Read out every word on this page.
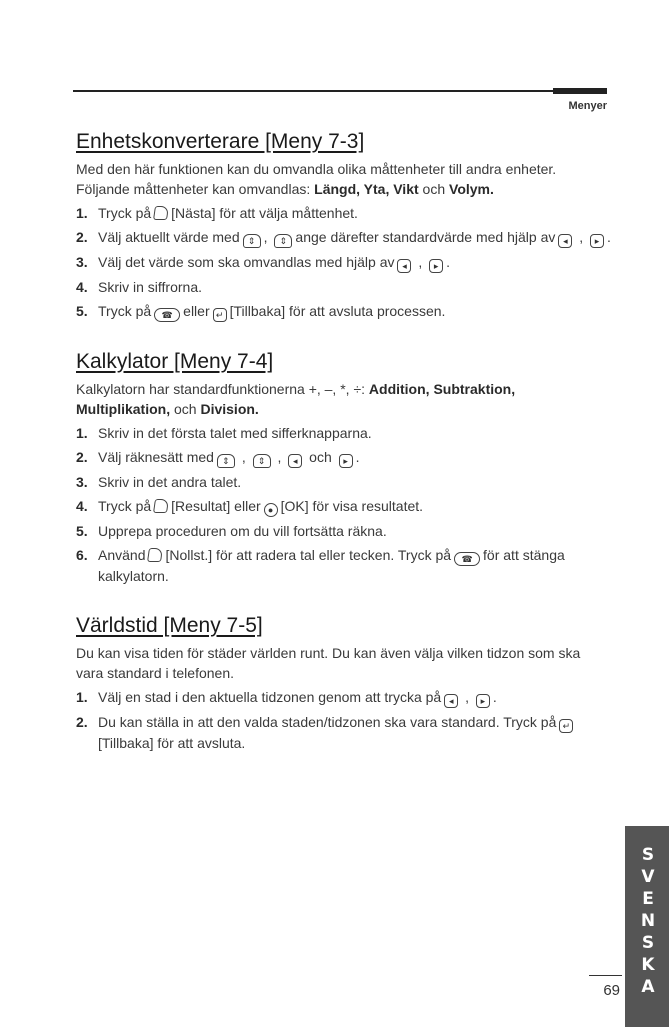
Menyer
Enhetskonverterare [Meny 7-3]

Med den här funktionen kan du omvandla olika måttenheter till andra enheter. Följande måttenheter kan omvandlas: Längd, Yta, Vikt och Volym.

1. Tryck på [Nästa] för att välja måttenhet.
2. Välj aktuellt värde med ⇕ , ⇕ ange därefter standardvärde med hjälp av ◂ , ▸ .
3. Välj det värde som ska omvandlas med hjälp av ◂ , ▸ .
4. Skriv in siffrorna.
5. Tryck på ☎ eller ↵ [Tillbaka] för att avsluta processen.
Kalkylator [Meny 7-4]

Kalkylatorn har standardfunktionerna +, –, *, ÷: Addition, Subtraktion, Multiplikation, och Division.

1. Skriv in det första talet med sifferknapparna.
2. Välj räknesätt med ⇕ , ⇕ , ◂ och ▸ .
3. Skriv in det andra talet.
4. Tryck på [Resultat] eller ● [OK] för visa resultatet.
5. Upprepa proceduren om du vill fortsätta räkna.
6. Använd [Nollst.] för att radera tal eller tecken. Tryck på ☎ för att stänga kalkylatorn.
Världstid [Meny 7-5]

Du kan visa tiden för städer världen runt. Du kan även välja vilken tidzon som ska vara standard i telefonen.

1. Välj en stad i den aktuella tidzonen genom att trycka på ◂ , ▸ .
2. Du kan ställa in att den valda staden/tidzonen ska vara standard. Tryck på ↵[Tillbaka] för att avsluta.
SVENSKA
69
